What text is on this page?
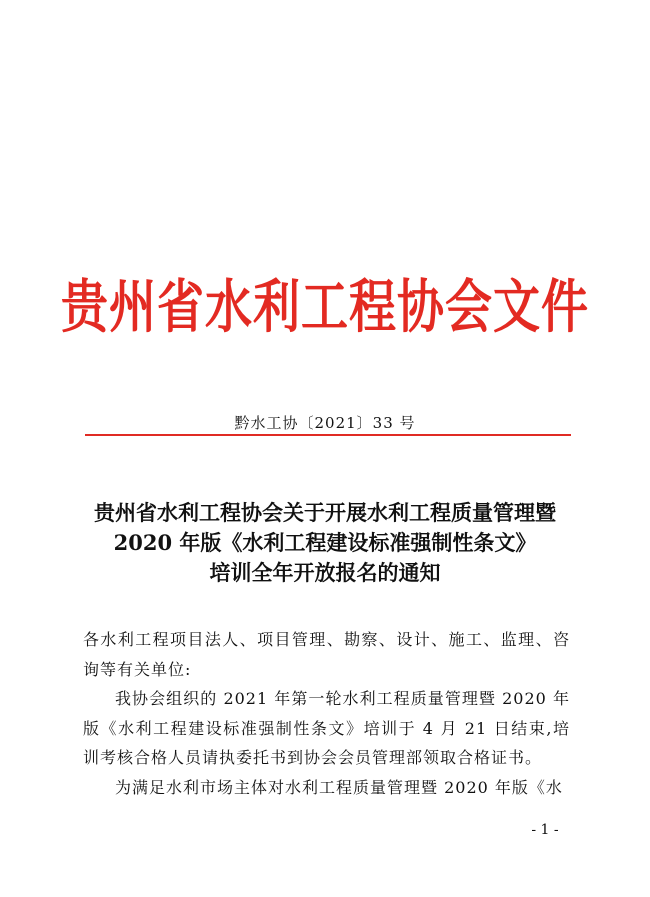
贵州省水利工程协会文件
黔水工协〔2021〕33 号
贵州省水利工程协会关于开展水利工程质量管理暨
2020 年版《水利工程建设标准强制性条文》
培训全年开放报名的通知

各水利工程项目法人、项目管理、勘察、设计、施工、监理、咨询等有关单位:

我协会组织的 2021 年第一轮水利工程质量管理暨 2020 年版《水利工程建设标准强制性条文》培训于 4 月 21 日结束,培训考核合格人员请执委托书到协会会员管理部领取合格证书。

为满足水利市场主体对水利工程质量管理暨 2020 年版《水

- 1 -
